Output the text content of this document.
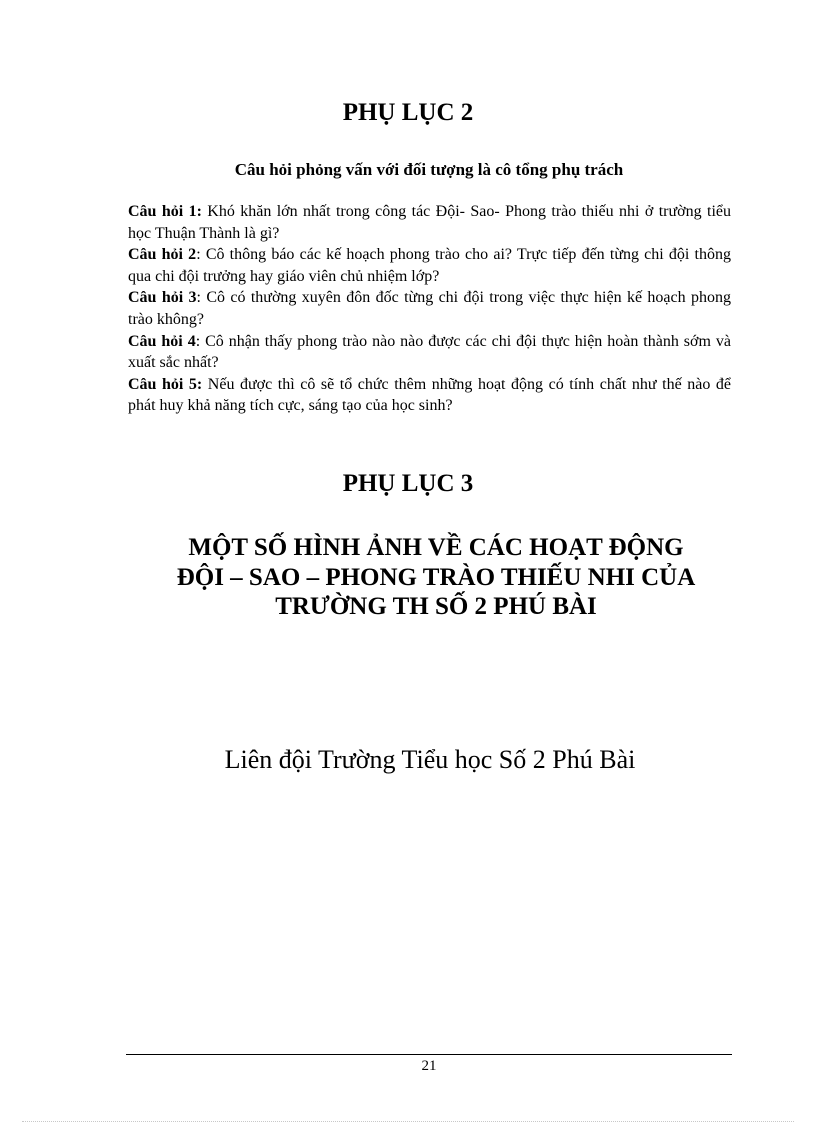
PHỤ LỤC 2
Câu hỏi phỏng vấn với đối tượng là cô tổng phụ trách
Câu hỏi 1: Khó khăn lớn nhất trong công tác Đội- Sao- Phong trào thiếu nhi ở trường tiểu học Thuận Thành là gì?
Câu hỏi 2: Cô thông báo các kế hoạch phong trào cho ai? Trực tiếp đến từng chi đội thông qua chi đội trưởng hay giáo viên chủ nhiệm lớp?
Câu hỏi 3: Cô có thường xuyên đôn đốc từng chi đội trong việc thực hiện kế hoạch phong trào không?
Câu hỏi 4: Cô nhận thấy phong trào nào nào được các chi đội thực hiện hoàn thành sớm và xuất sắc nhất?
Câu hỏi 5: Nếu được thì cô sẽ tổ chức thêm những hoạt động có tính chất như thế nào để phát huy khả năng tích cực, sáng tạo của học sinh?
PHỤ LỤC 3
MỘT SỐ HÌNH ẢNH VỀ CÁC HOẠT ĐỘNG
ĐỘI – SAO – PHONG TRÀO THIẾU NHI CỦA
TRƯỜNG TH SỐ 2 PHÚ BÀI

Liên đội Trường Tiểu học Số 2 Phú Bài

21
